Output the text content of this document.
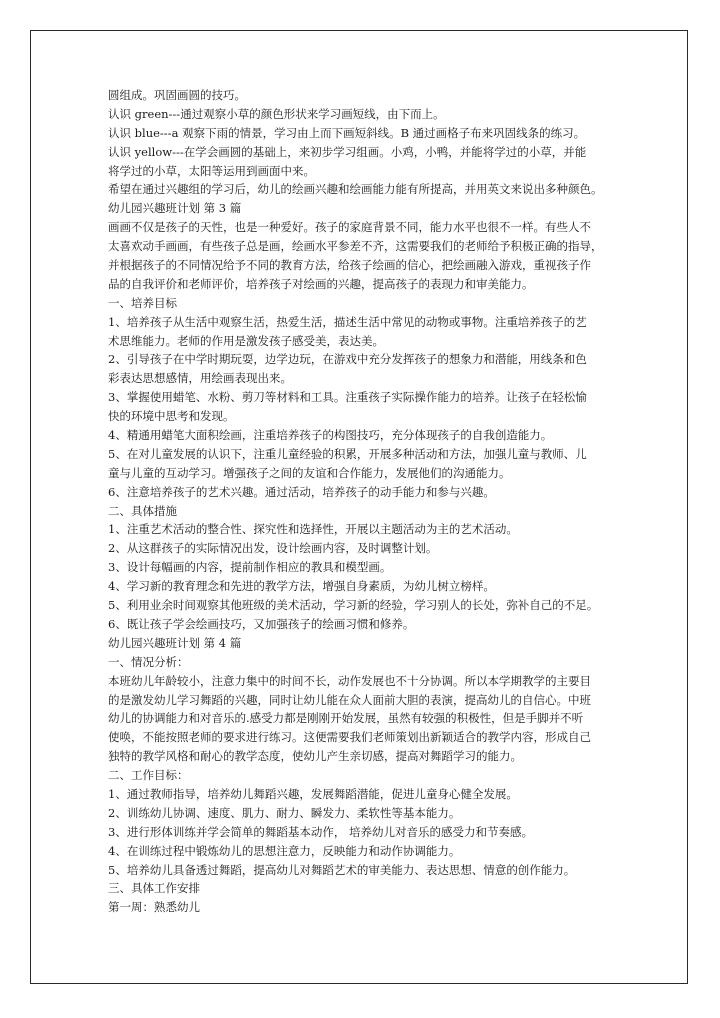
圆组成。巩固画圆的技巧。
认识 green---通过观察小草的颜色形状来学习画短线，由下而上。
认识 blue---a 观察下雨的情景，学习由上而下画短斜线。B 通过画格子布来巩固线条的练习。
认识 yellow---在学会画圆的基础上，来初步学习组画。小鸡，小鸭，并能将学过的小草，并能
将学过的小草，太阳等运用到画面中来。
希望在通过兴趣组的学习后，幼儿的绘画兴趣和绘画能力能有所提高，并用英文来说出多种颜色。
幼儿园兴趣班计划 第 3 篇
画画不仅是孩子的天性，也是一种爱好。孩子的家庭背景不同，能力水平也很不一样。有些人不
太喜欢动手画画，有些孩子总是画，绘画水平参差不齐，这需要我们的老师给予积极正确的指导，
并根据孩子的不同情况给予不同的教育方法，给孩子绘画的信心，把绘画融入游戏，重视孩子作
品的自我评价和老师评价，培养孩子对绘画的兴趣，提高孩子的表现力和审美能力。
一、培养目标
1、培养孩子从生活中观察生活，热爱生活，描述生活中常见的动物或事物。注重培养孩子的艺
术思维能力。老师的作用是激发孩子感受美，表达美。
2、引导孩子在中学时期玩耍，边学边玩，在游戏中充分发挥孩子的想象力和潜能，用线条和色
彩表达思想感情，用绘画表现出来。
3、掌握使用蜡笔、水粉、剪刀等材料和工具。注重孩子实际操作能力的培养。让孩子在轻松愉
快的环境中思考和发现。
4、精通用蜡笔大面积绘画，注重培养孩子的构图技巧，充分体现孩子的自我创造能力。
5、在对儿童发展的认识下，注重儿童经验的积累，开展多种活动和方法，加强儿童与教师、儿
童与儿童的互动学习。增强孩子之间的友谊和合作能力，发展他们的沟通能力。
6、注意培养孩子的艺术兴趣。通过活动，培养孩子的动手能力和参与兴趣。
二、具体措施
1、注重艺术活动的整合性、探究性和选择性，开展以主题活动为主的艺术活动。
2、从这群孩子的实际情况出发，设计绘画内容，及时调整计划。
3、设计每幅画的内容，提前制作相应的教具和模型画。
4、学习新的教育理念和先进的教学方法，增强自身素质，为幼儿树立榜样。
5、利用业余时间观察其他班级的美术活动，学习新的经验，学习别人的长处，弥补自己的不足。
6、既让孩子学会绘画技巧，又加强孩子的绘画习惯和修养。
幼儿园兴趣班计划 第 4 篇
一、情况分析：
本班幼儿年龄较小，注意力集中的时间不长，动作发展也不十分协调。所以本学期教学的主要目
的是激发幼儿学习舞蹈的兴趣，同时让幼儿能在众人面前大胆的表演，提高幼儿的自信心。中班
幼儿的协调能力和对音乐的.感受力都是刚刚开始发展，虽然有较强的积极性，但是手脚并不听
使唤，不能按照老师的要求进行练习。这便需要我们老师策划出新颖适合的教学内容，形成自己
独特的教学风格和耐心的教学态度，使幼儿产生亲切感，提高对舞蹈学习的能力。
二、工作目标：
1、通过教师指导，培养幼儿舞蹈兴趣，发展舞蹈潜能，促进儿童身心健全发展。
2、训练幼儿协调、速度、肌力、耐力、瞬发力、柔软性等基本能力。
3、进行形体训练并学会简单的舞蹈基本动作， 培养幼儿对音乐的感受力和节奏感。
4、在训练过程中锻炼幼儿的思想注意力，反映能力和动作协调能力。
5、培养幼儿具备透过舞蹈，提高幼儿对舞蹈艺术的审美能力、表达思想、情意的创作能力。
三、具体工作安排
第一周：熟悉幼儿
